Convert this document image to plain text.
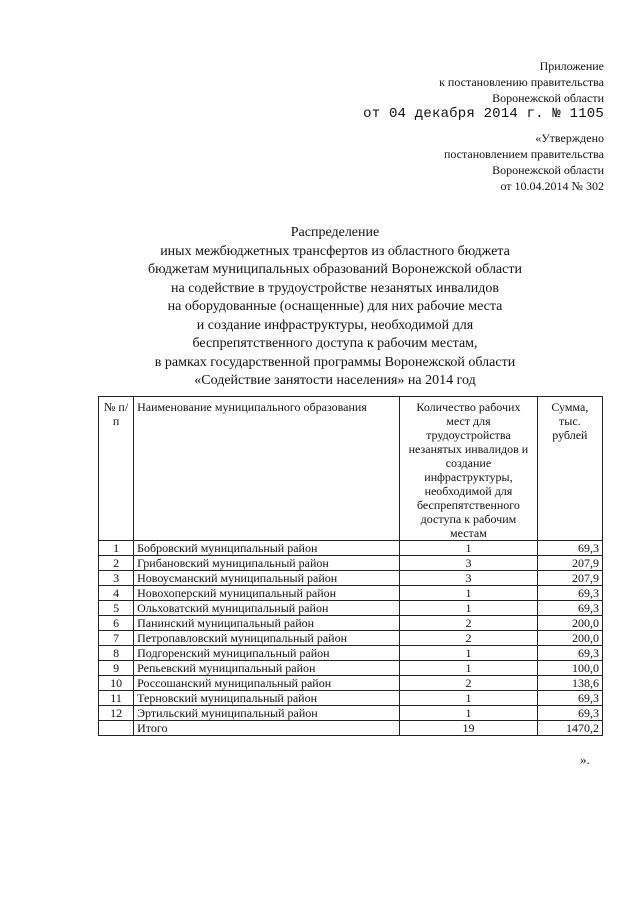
Приложение
к постановлению правительства
Воронежской области
от 04 декабря 2014 г. № 1105
«Утверждено
постановлением правительства
Воронежской области
от 10.04.2014 № 302
Распределение
иных межбюджетных трансфертов из областного бюджета
бюджетам муниципальных образований Воронежской области
на содействие в трудоустройстве незанятых инвалидов
на оборудованные (оснащенные) для них рабочие места
и создание инфраструктуры, необходимой для
беспрепятственного доступа к рабочим местам,
в рамках государственной программы Воронежской области
«Содействие занятости населения» на 2014 год
№ п/ п	Наименование муниципального образования	Количество рабочих мест для трудоустройства незанятых инвалидов и создание инфраструктуры, необходимой для беспрепятственного доступа к рабочим местам	Сумма, тыс. рублей
1	Бобровский муниципальный район	1	69,3
2	Грибановский муниципальный район	3	207,9
3	Новоусманский муниципальный район	3	207,9
4	Новохоперский муниципальный район	1	69,3
5	Ольховатский муниципальный район	1	69,3
6	Панинский муниципальный район	2	200,0
7	Петропавловский муниципальный район	2	200,0
8	Подгоренский муниципальный район	1	69,3
9	Репьевский муниципальный район	1	100,0
10	Россошанский муниципальный район	2	138,6
11	Терновский муниципальный район	1	69,3
12	Эртильский муниципальный район	1	69,3
	Итого	19	1470,2
».
